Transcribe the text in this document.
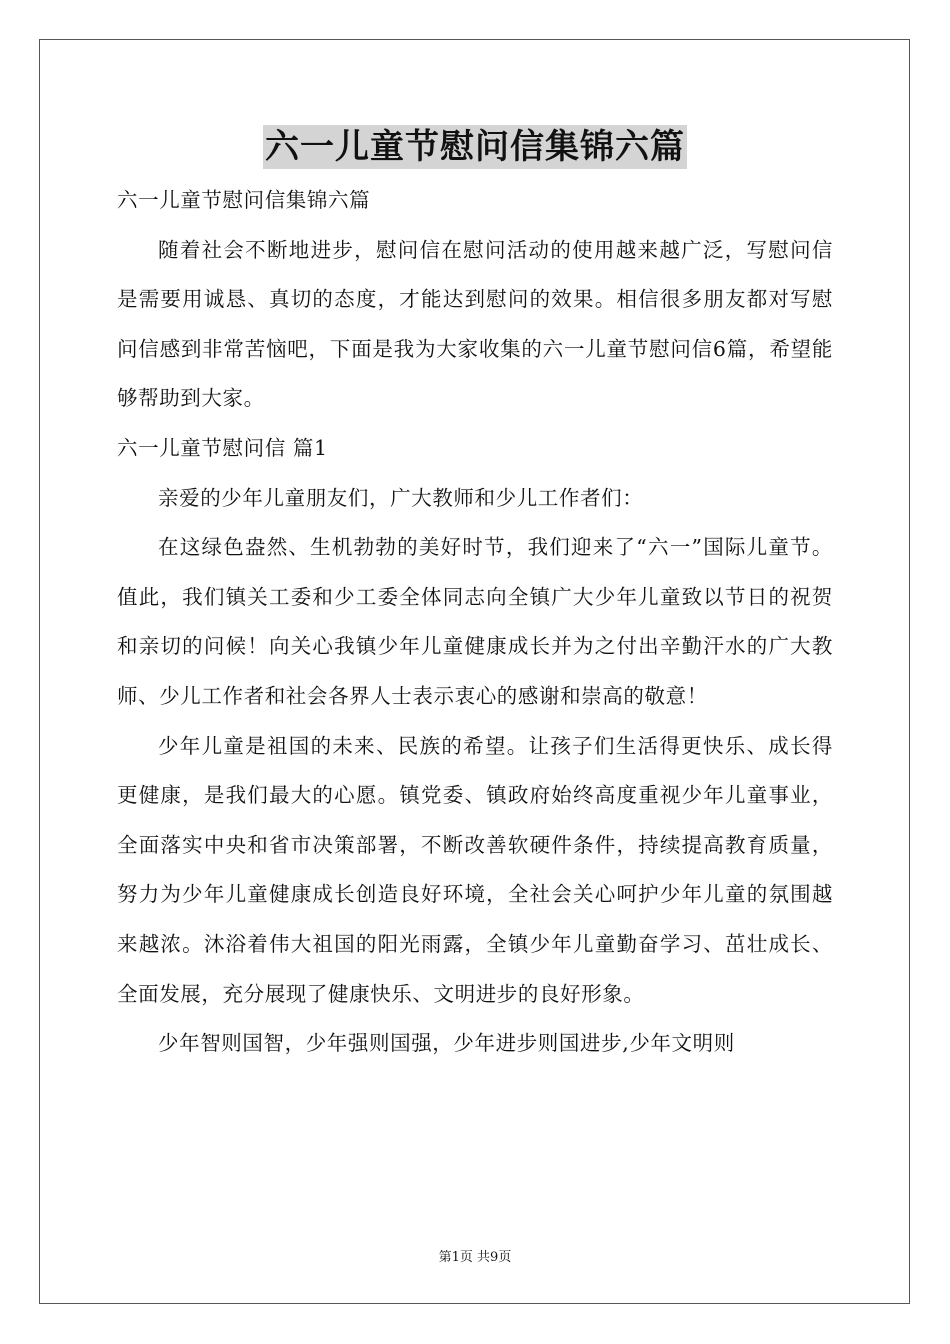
六一儿童节慰问信集锦六篇

六一儿童节慰问信集锦六篇

随着社会不断地进步，慰问信在慰问活动的使用越来越广泛，写慰问信是需要用诚恳、真切的态度，才能达到慰问的效果。相信很多朋友都对写慰问信感到非常苦恼吧，下面是我为大家收集的六一儿童节慰问信6篇，希望能够帮助到大家。

六一儿童节慰问信 篇1

亲爱的少年儿童朋友们，广大教师和少儿工作者们：

在这绿色盎然、生机勃勃的美好时节，我们迎来了“六一”国际儿童节。值此，我们镇关工委和少工委全体同志向全镇广大少年儿童致以节日的祝贺和亲切的问候！向关心我镇少年儿童健康成长并为之付出辛勤汗水的广大教师、少儿工作者和社会各界人士表示衷心的感谢和崇高的敬意！

少年儿童是祖国的未来、民族的希望。让孩子们生活得更快乐、成长得更健康，是我们最大的心愿。镇党委、镇政府始终高度重视少年儿童事业，全面落实中央和省市决策部署，不断改善软硬件条件，持续提高教育质量，努力为少年儿童健康成长创造良好环境，全社会关心呵护少年儿童的氛围越来越浓。沐浴着伟大祖国的阳光雨露，全镇少年儿童勤奋学习、茁壮成长、全面发展，充分展现了健康快乐、文明进步的良好形象。

少年智则国智，少年强则国强，少年进步则国进步,少年文明则

第1页 共9页
